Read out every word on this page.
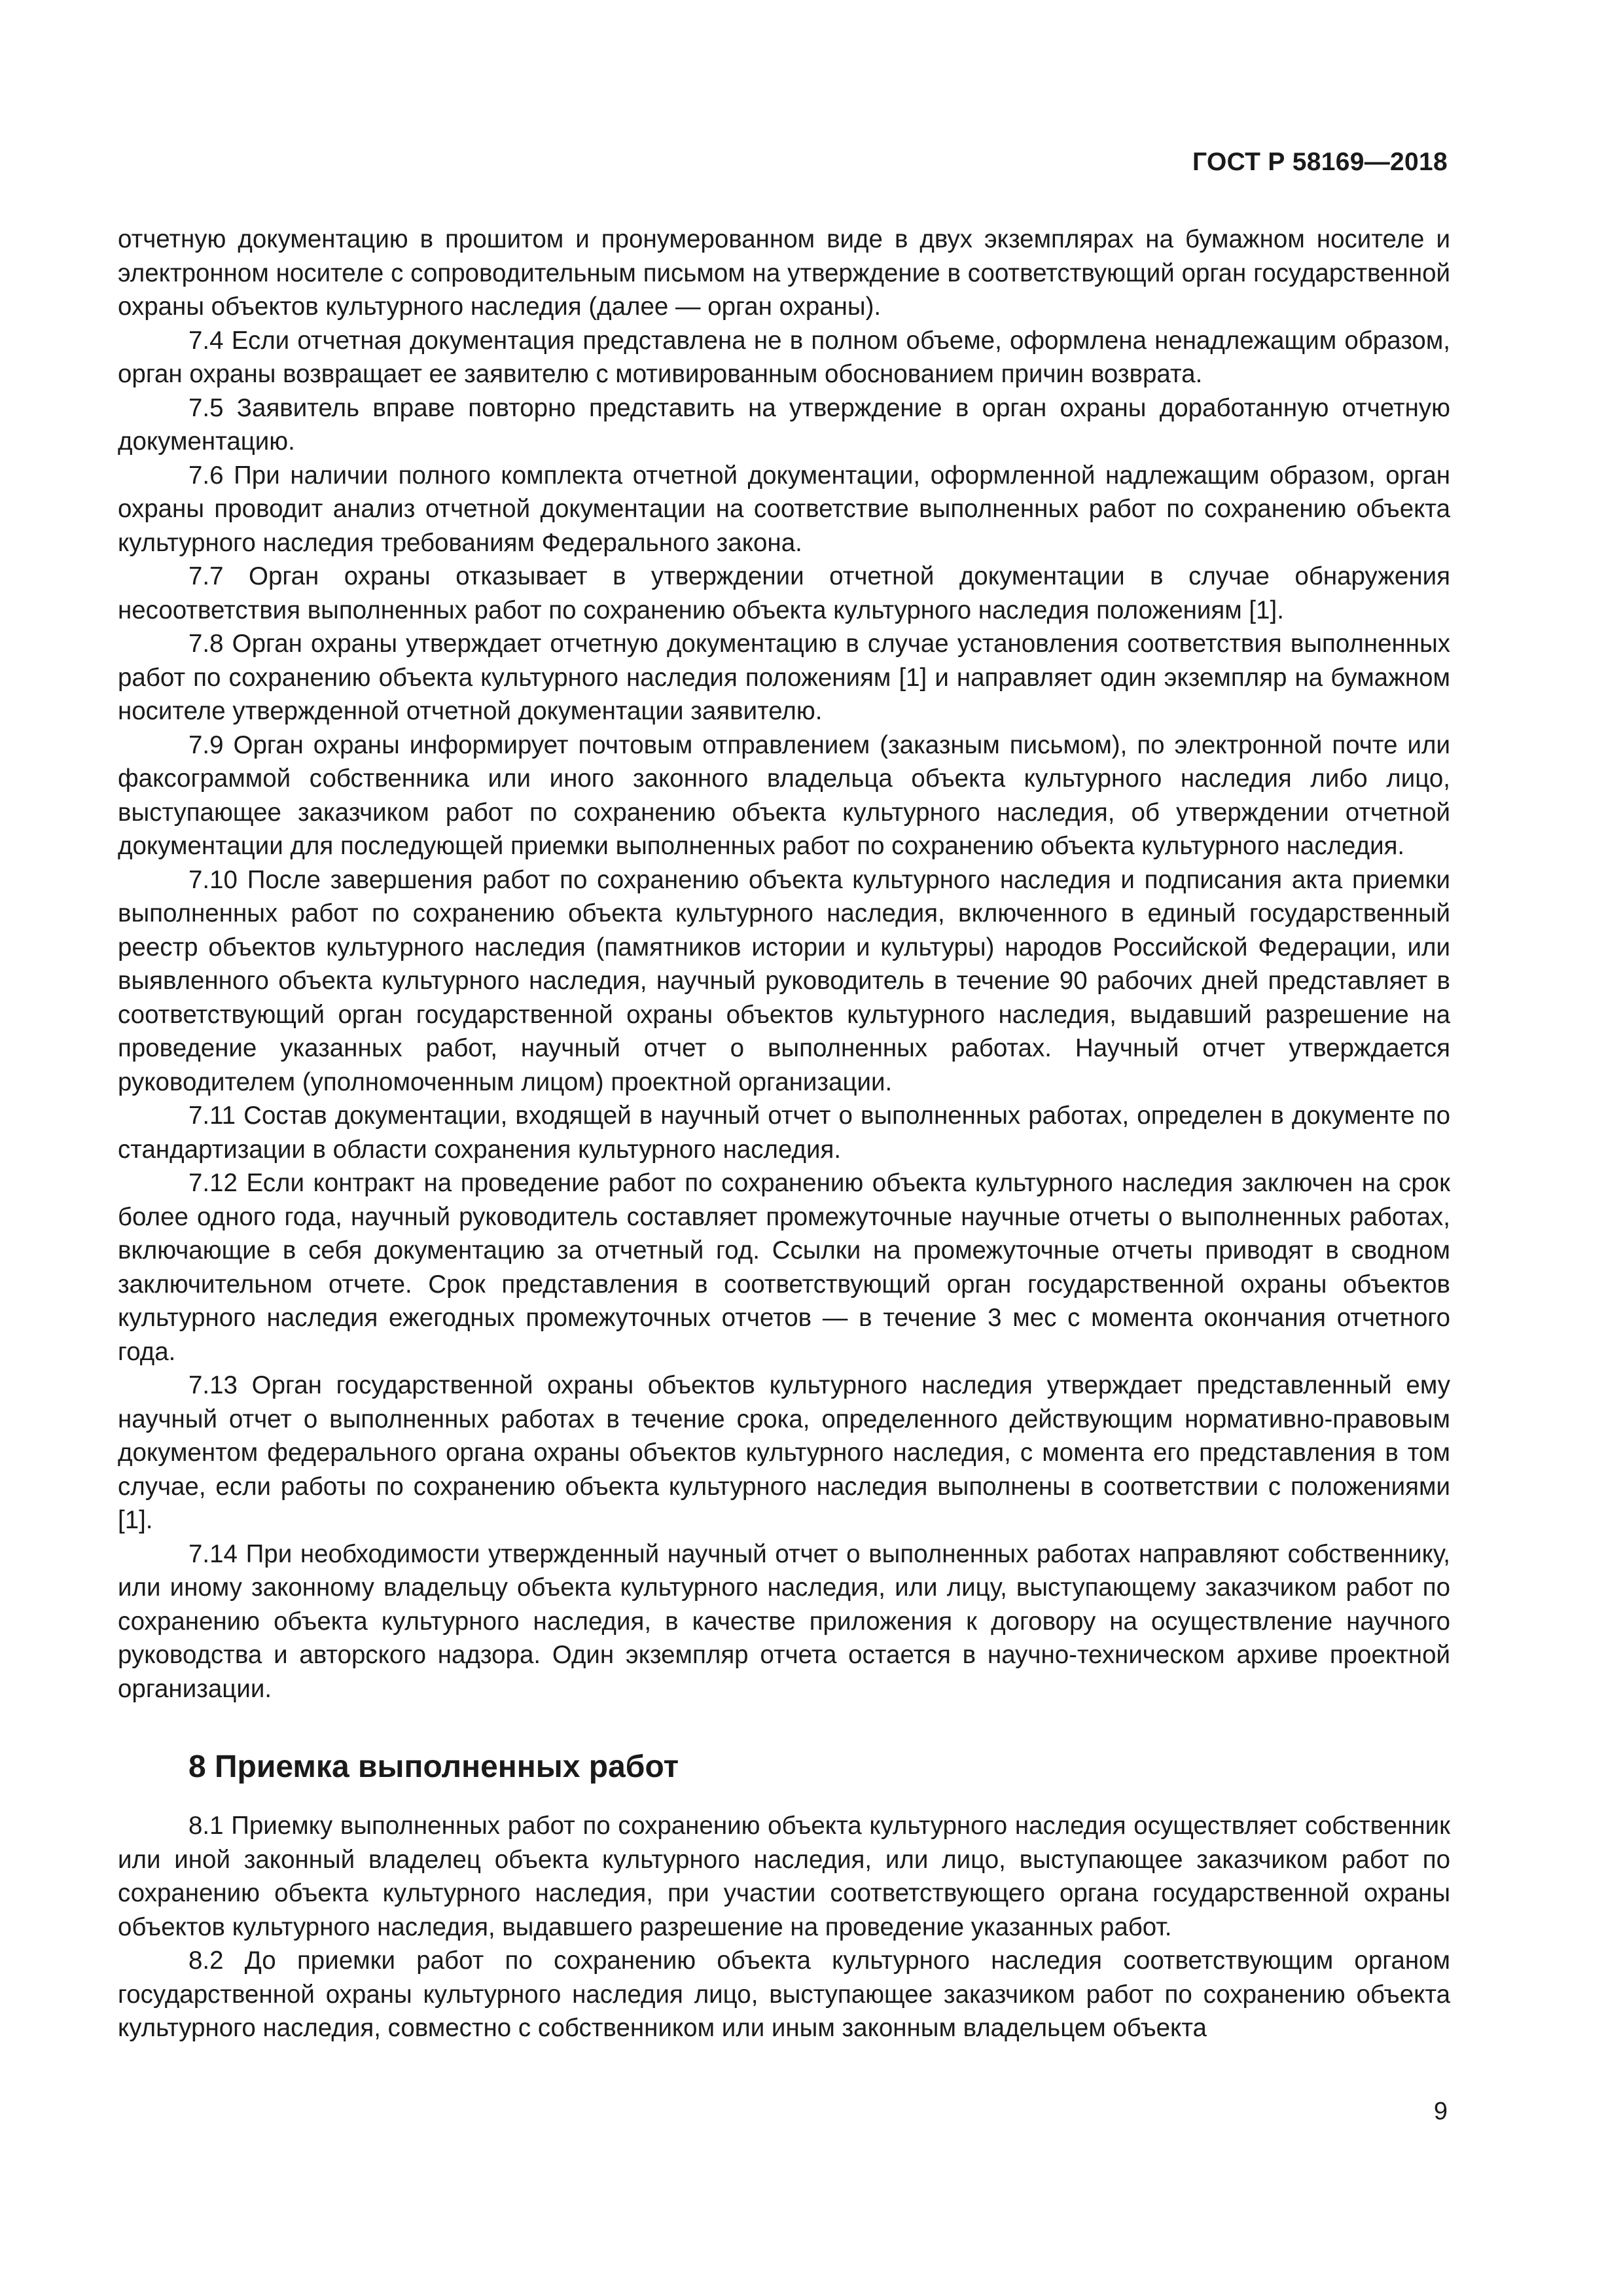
ГОСТ Р 58169—2018

отчетную документацию в прошитом и пронумерованном виде в двух экземплярах на бумажном носителе и электронном носителе с сопроводительным письмом на утверждение в соответствующий орган государственной охраны объектов культурного наследия (далее — орган охраны).

7.4 Если отчетная документация представлена не в полном объеме, оформлена ненадлежащим образом, орган охраны возвращает ее заявителю с мотивированным обоснованием причин возврата.

7.5 Заявитель вправе повторно представить на утверждение в орган охраны доработанную отчетную документацию.

7.6 При наличии полного комплекта отчетной документации, оформленной надлежащим образом, орган охраны проводит анализ отчетной документации на соответствие выполненных работ по сохранению объекта культурного наследия требованиям Федерального закона.

7.7 Орган охраны отказывает в утверждении отчетной документации в случае обнаружения несоответствия выполненных работ по сохранению объекта культурного наследия положениям [1].

7.8 Орган охраны утверждает отчетную документацию в случае установления соответствия выполненных работ по сохранению объекта культурного наследия положениям [1] и направляет один экземпляр на бумажном носителе утвержденной отчетной документации заявителю.

7.9 Орган охраны информирует почтовым отправлением (заказным письмом), по электронной почте или факсограммой собственника или иного законного владельца объекта культурного наследия либо лицо, выступающее заказчиком работ по сохранению объекта культурного наследия, об утверждении отчетной документации для последующей приемки выполненных работ по сохранению объекта культурного наследия.

7.10 После завершения работ по сохранению объекта культурного наследия и подписания акта приемки выполненных работ по сохранению объекта культурного наследия, включенного в единый государственный реестр объектов культурного наследия (памятников истории и культуры) народов Российской Федерации, или выявленного объекта культурного наследия, научный руководитель в течение 90 рабочих дней представляет в соответствующий орган государственной охраны объектов культурного наследия, выдавший разрешение на проведение указанных работ, научный отчет о выполненных работах. Научный отчет утверждается руководителем (уполномоченным лицом) проектной организации.

7.11 Состав документации, входящей в научный отчет о выполненных работах, определен в документе по стандартизации в области сохранения культурного наследия.

7.12 Если контракт на проведение работ по сохранению объекта культурного наследия заключен на срок более одного года, научный руководитель составляет промежуточные научные отчеты о выполненных работах, включающие в себя документацию за отчетный год. Ссылки на промежуточные отчеты приводят в сводном заключительном отчете. Срок представления в соответствующий орган государственной охраны объектов культурного наследия ежегодных промежуточных отчетов — в течение 3 мес с момента окончания отчетного года.

7.13 Орган государственной охраны объектов культурного наследия утверждает представленный ему научный отчет о выполненных работах в течение срока, определенного действующим нормативно-правовым документом федерального органа охраны объектов культурного наследия, с момента его представления в том случае, если работы по сохранению объекта культурного наследия выполнены в соответствии с положениями [1].

7.14 При необходимости утвержденный научный отчет о выполненных работах направляют собственнику, или иному законному владельцу объекта культурного наследия, или лицу, выступающему заказчиком работ по сохранению объекта культурного наследия, в качестве приложения к договору на осуществление научного руководства и авторского надзора. Один экземпляр отчета остается в научно-техническом архиве проектной организации.

8 Приемка выполненных работ

8.1 Приемку выполненных работ по сохранению объекта культурного наследия осуществляет собственник или иной законный владелец объекта культурного наследия, или лицо, выступающее заказчиком работ по сохранению объекта культурного наследия, при участии соответствующего органа государственной охраны объектов культурного наследия, выдавшего разрешение на проведение указанных работ.

8.2 До приемки работ по сохранению объекта культурного наследия соответствующим органом государственной охраны культурного наследия лицо, выступающее заказчиком работ по сохранению объекта культурного наследия, совместно с собственником или иным законным владельцем объекта

9
